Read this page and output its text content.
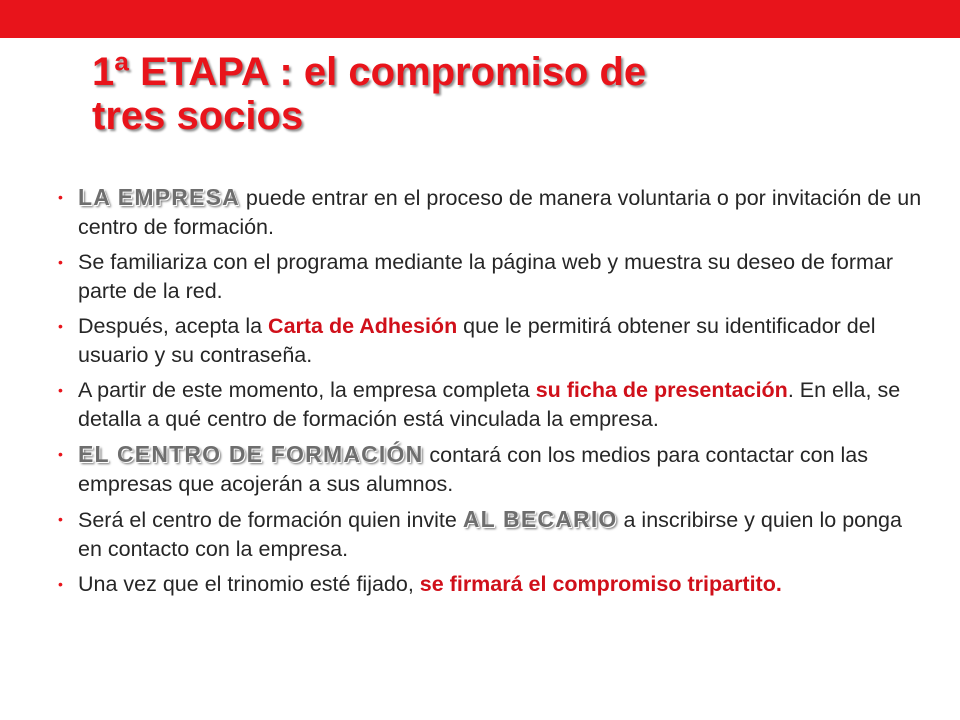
1ª ETAPA : el compromiso de
tres socios
• LA EMPRESA puede entrar en el proceso de manera voluntaria o por invitación de un centro de formación.
• Se familiariza con el programa mediante la página web y muestra su deseo de formar parte de la red.
• Después, acepta la Carta de Adhesión que le permitirá obtener su identificador del usuario y su contraseña.
• A partir de este momento, la empresa completa su ficha de presentación. En ella, se detalla a qué centro de formación está vinculada la empresa.
• EL CENTRO DE FORMACIÓN contará con los medios para contactar con las empresas que acojerán a sus alumnos.
• Será el centro de formación quien invite AL BECARIO a inscribirse y quien lo ponga en contacto con la empresa.
• Una vez que el trinomio esté fijado, se firmará el compromiso tripartito.
